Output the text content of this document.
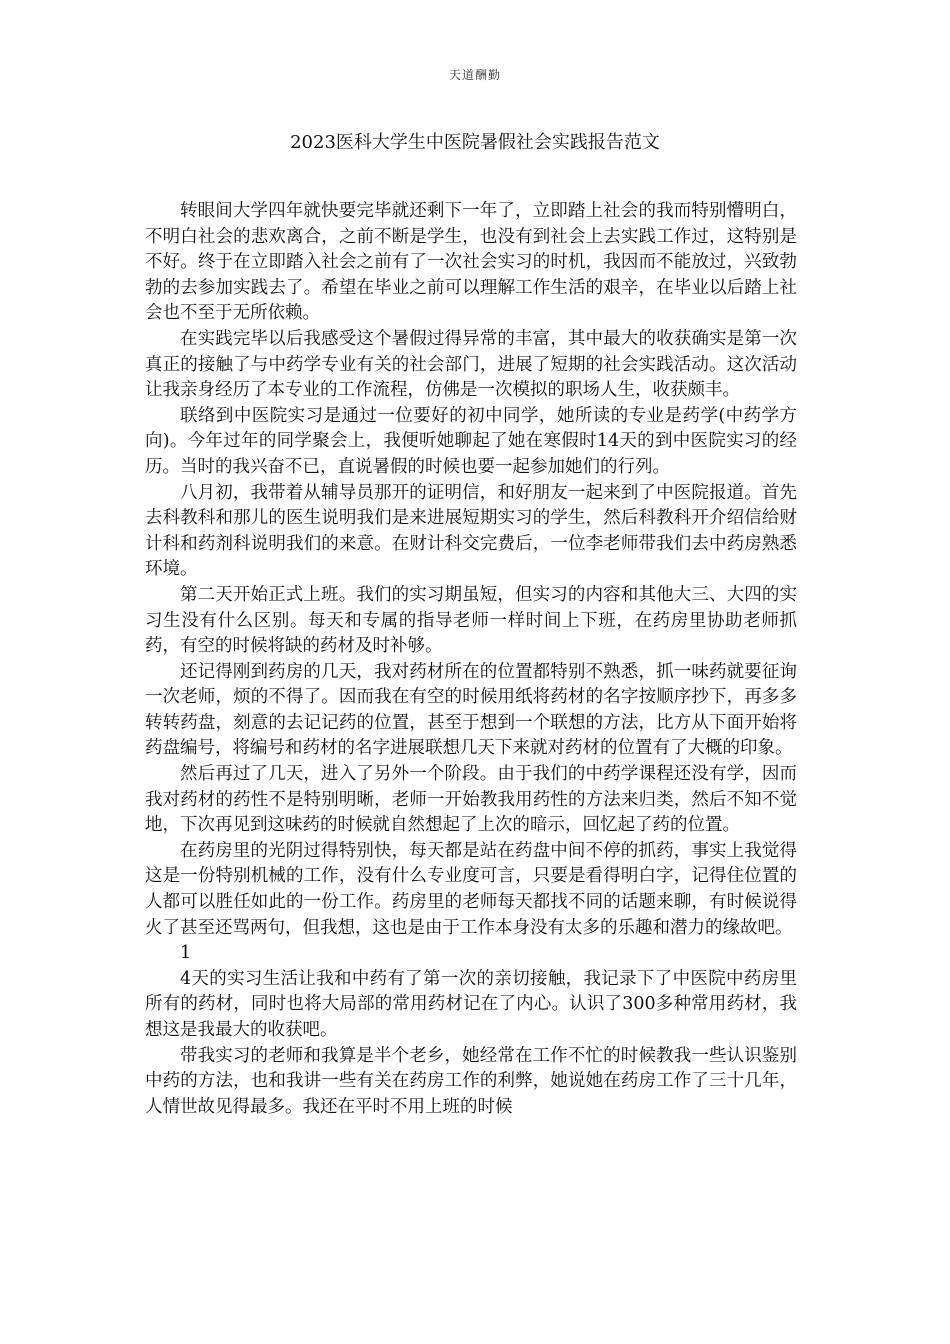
天道酬勤
2023医科大学生中医院暑假社会实践报告范文

转眼间大学四年就快要完毕就还剩下一年了，立即踏上社会的我而特别懵明白，不明白社会的悲欢离合，之前不断是学生，也没有到社会上去实践工作过，这特别是不好。终于在立即踏入社会之前有了一次社会实习的时机，我因而不能放过，兴致勃勃的去参加实践去了。希望在毕业之前可以理解工作生活的艰辛，在毕业以后踏上社会也不至于无所依赖。

在实践完毕以后我感受这个暑假过得异常的丰富，其中最大的收获确实是第一次真正的接触了与中药学专业有关的社会部门，进展了短期的社会实践活动。这次活动让我亲身经历了本专业的工作流程，仿佛是一次模拟的职场人生，收获颇丰。

联络到中医院实习是通过一位要好的初中同学，她所读的专业是药学(中药学方向)。今年过年的同学聚会上，我便听她聊起了她在寒假时14天的到中医院实习的经历。当时的我兴奋不已，直说暑假的时候也要一起参加她们的行列。

八月初，我带着从辅导员那开的证明信，和好朋友一起来到了中医院报道。首先去科教科和那儿的医生说明我们是来进展短期实习的学生，然后科教科开介绍信给财计科和药剂科说明我们的来意。在财计科交完费后，一位李老师带我们去中药房熟悉环境。

第二天开始正式上班。我们的实习期虽短，但实习的内容和其他大三、大四的实习生没有什么区别。每天和专属的指导老师一样时间上下班，在药房里协助老师抓药，有空的时候将缺的药材及时补够。

还记得刚到药房的几天，我对药材所在的位置都特别不熟悉，抓一味药就要征询一次老师，烦的不得了。因而我在有空的时候用纸将药材的名字按顺序抄下，再多多转转药盘，刻意的去记记药的位置，甚至于想到一个联想的方法，比方从下面开始将药盘编号，将编号和药材的名字进展联想几天下来就对药材的位置有了大概的印象。

然后再过了几天，进入了另外一个阶段。由于我们的中药学课程还没有学，因而我对药材的药性不是特别明晰，老师一开始教我用药性的方法来归类，然后不知不觉地，下次再见到这味药的时候就自然想起了上次的暗示，回忆起了药的位置。

在药房里的光阴过得特别快，每天都是站在药盘中间不停的抓药，事实上我觉得这是一份特别机械的工作，没有什么专业度可言，只要是看得明白字，记得住位置的人都可以胜任如此的一份工作。药房里的老师每天都找不同的话题来聊，有时候说得火了甚至还骂两句，但我想，这也是由于工作本身没有太多的乐趣和潜力的缘故吧。

1

4天的实习生活让我和中药有了第一次的亲切接触，我记录下了中医院中药房里所有的药材，同时也将大局部的常用药材记在了内心。认识了300多种常用药材，我想这是我最大的收获吧。

带我实习的老师和我算是半个老乡，她经常在工作不忙的时候教我一些认识鉴别中药的方法，也和我讲一些有关在药房工作的利弊，她说她在药房工作了三十几年，人情世故见得最多。我还在平时不用上班的时候
